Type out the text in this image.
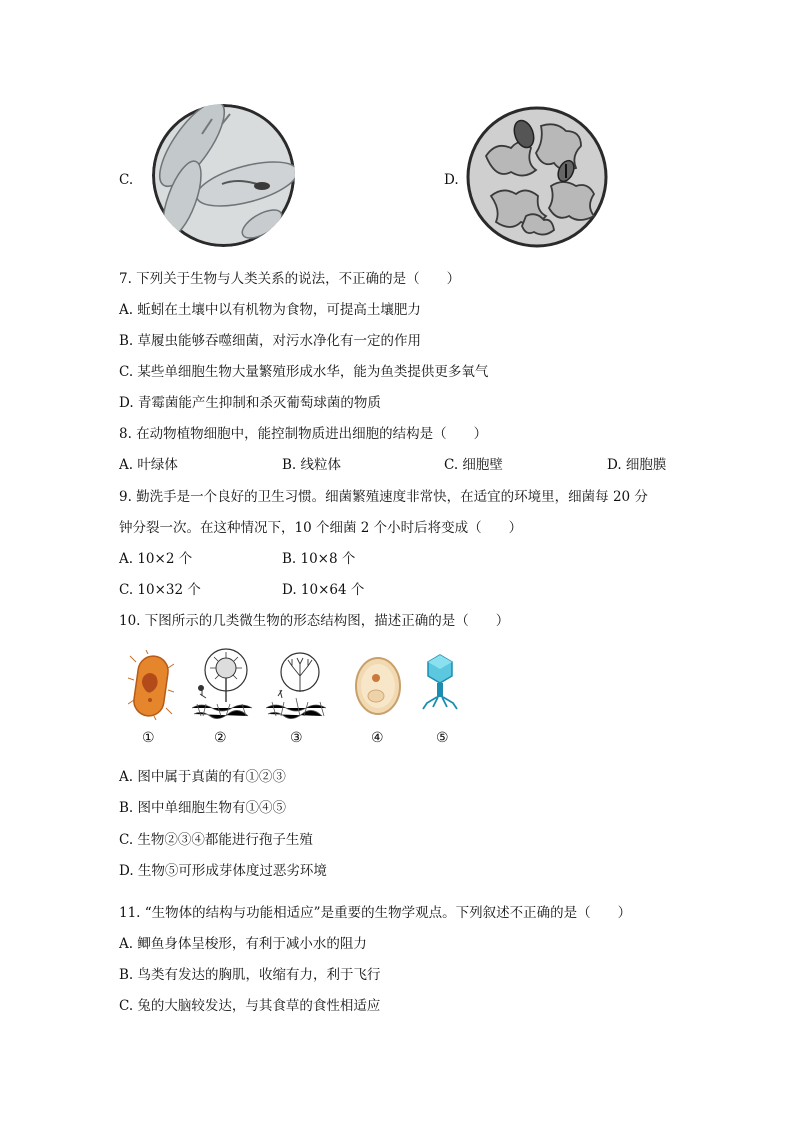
C.	D.
7. 下列关于生物与人类关系的说法，不正确的是（　　）
A. 蚯蚓在土壤中以有机物为食物，可提高土壤肥力
B. 草履虫能够吞噬细菌，对污水净化有一定的作用
C. 某些单细胞生物大量繁殖形成水华，能为鱼类提供更多氧气
D. 青霉菌能产生抑制和杀灭葡萄球菌的物质
8. 在动物植物细胞中，能控制物质进出细胞的结构是（　　）
A. 叶绿体	B. 线粒体	C. 细胞壁	D. 细胞膜
9. 勤洗手是一个良好的卫生习惯。细菌繁殖速度非常快，在适宜的环境里，细菌每 20 分
钟分裂一次。在这种情况下，10 个细菌 2 个小时后将变成（　　）
A. 10×2 个	B. 10×8 个
C. 10×32 个	D. 10×64 个
10. 下图所示的几类微生物的形态结构图，描述正确的是（　　）
①	②	③	④	⑤
A. 图中属于真菌的有①②③
B. 图中单细胞生物有①④⑤
C. 生物②③④都能进行孢子生殖
D. 生物⑤可形成芽体度过恶劣环境
11. “生物体的结构与功能相适应”是重要的生物学观点。下列叙述不正确的是（　　）
A. 鲫鱼身体呈梭形，有利于减小水的阻力
B. 鸟类有发达的胸肌，收缩有力，利于飞行
C. 兔的大脑较发达，与其食草的食性相适应
